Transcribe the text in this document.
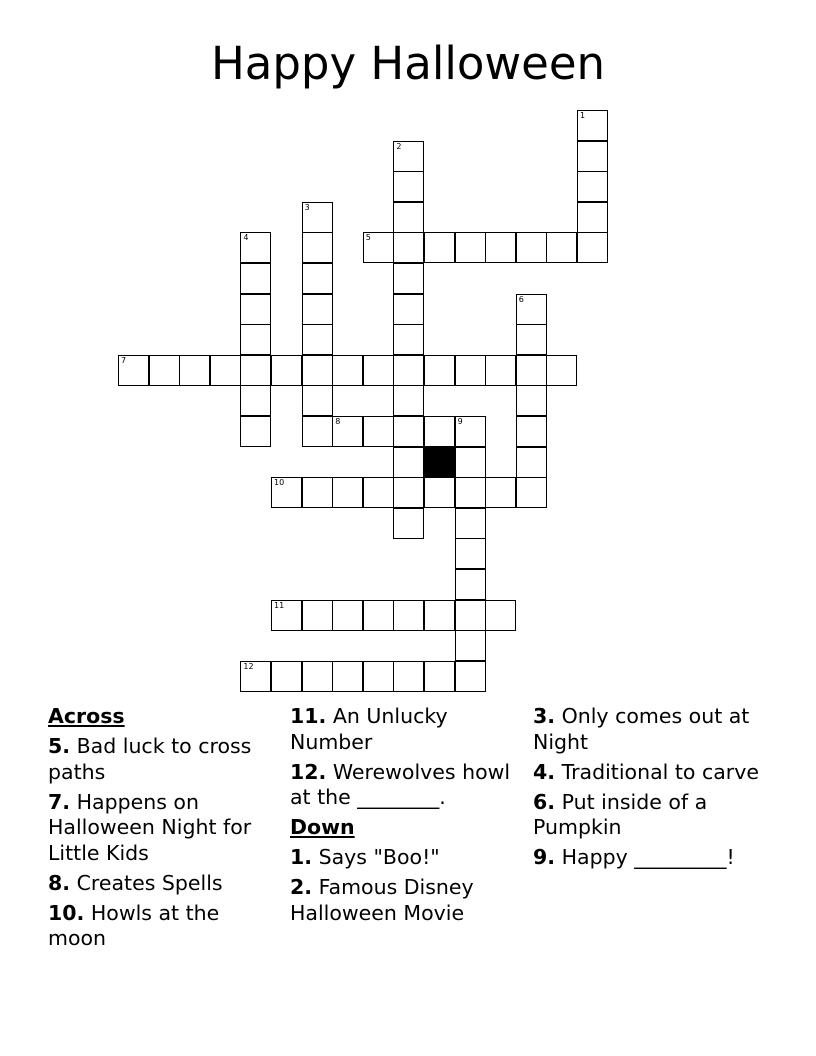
Happy Halloween
5
7
8	9
10
11
12
1
2
3
4
6
Across
5. Bad luck to cross paths
7. Happens on Halloween Night for Little Kids
8. Creates Spells
10. Howls at the moon
11. An Unlucky Number
12. Werewolves howl at the ________.
Down
1. Says "Boo!"
2. Famous Disney Halloween Movie
3. Only comes out at Night
4. Traditional to carve
6. Put inside of a Pumpkin
9. Happy _________!
